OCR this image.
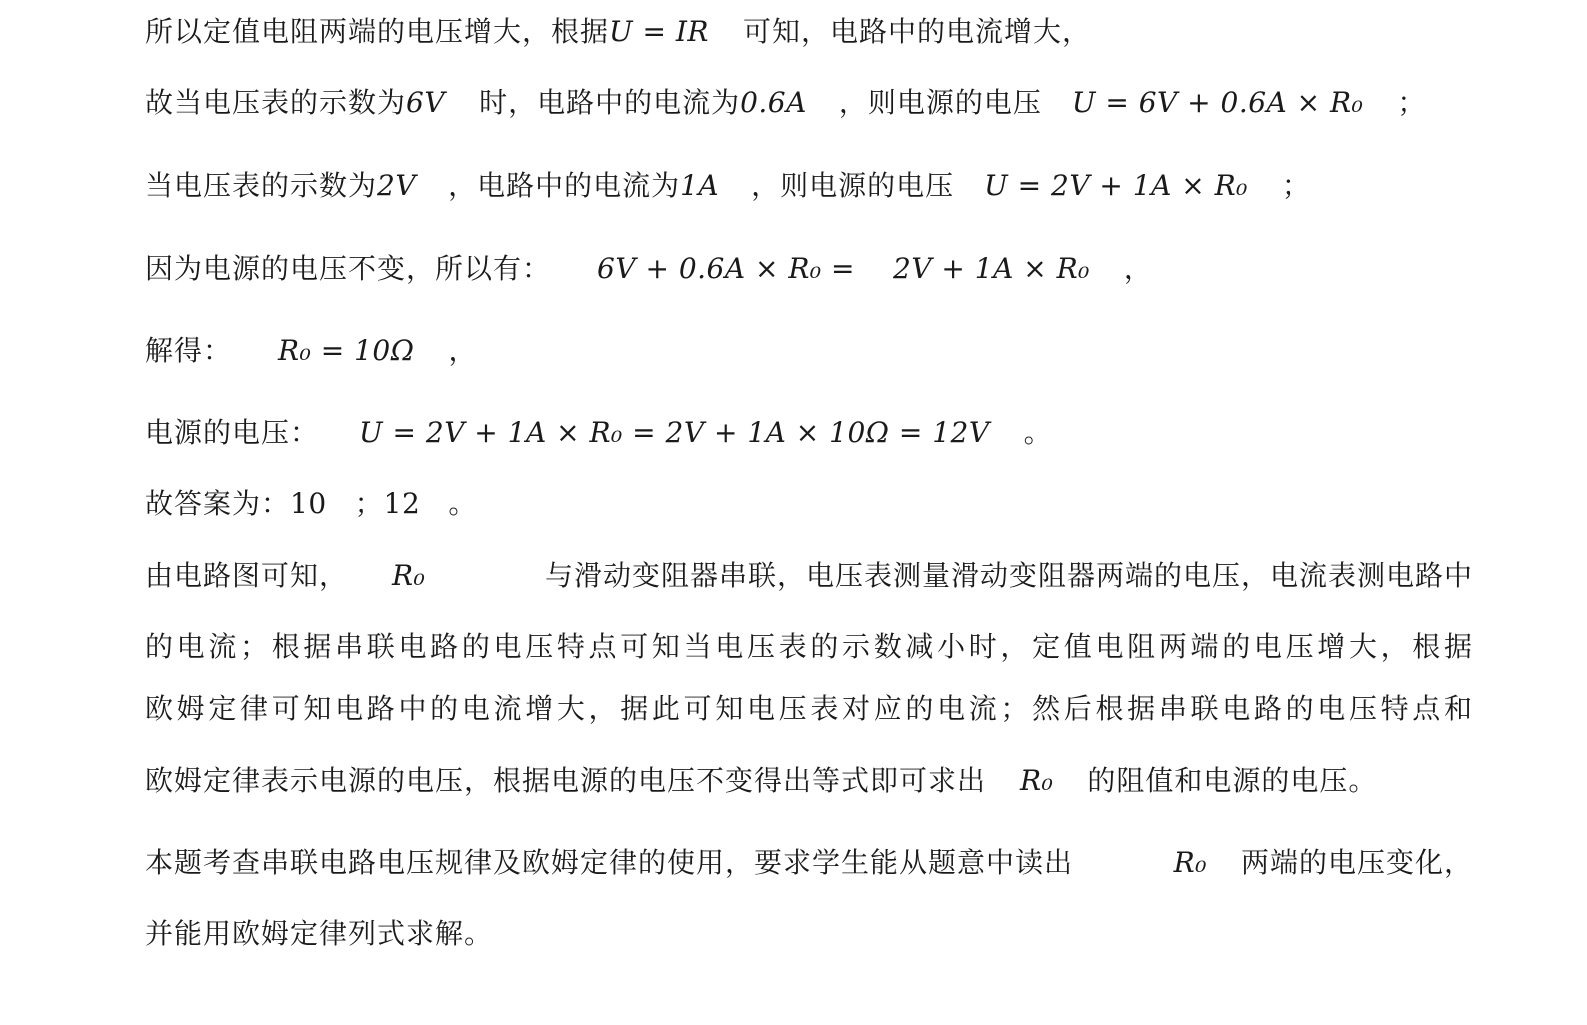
所以定值电阻两端的电压增大，根据 U = IR 可知，电路中的电流增大，
故当电压表的示数为 6V 时，电路中的电流为 0.6A ，则电源的电压 U = 6V + 0.6A × R₀ ；
当电压表的示数为 2V ，电路中的电流为 1A ，则电源的电压 U = 2V + 1A × R₀ ；
因为电源的电压不变，所以有： 6V + 0.6A × R₀ = 2V + 1A × R₀ ，
解得： R₀ = 10Ω ，
电源的电压： U = 2V + 1A × R₀ = 2V + 1A × 10Ω = 12V 。
故答案为： 10 ； 12 。
由电路图可知， R₀	与滑动变阻器串联，电压表测量滑动变阻器两端的电压，电流表测电路中
的电流；根据串联电路的电压特点可知当电压表的示数减小时，定值电阻两端的电压增大，根据
欧姆定律可知电路中的电流增大，据此可知电压表对应的电流；然后根据串联电路的电压特点和
欧姆定律表示电源的电压，根据电源的电压不变得出等式即可求出 R₀ 的阻值和电源的电压。
本题考查串联电路电压规律及欧姆定律的使用，要求学生能从题意中读出	R₀ 两端的电压变化，
并能用欧姆定律列式求解。
